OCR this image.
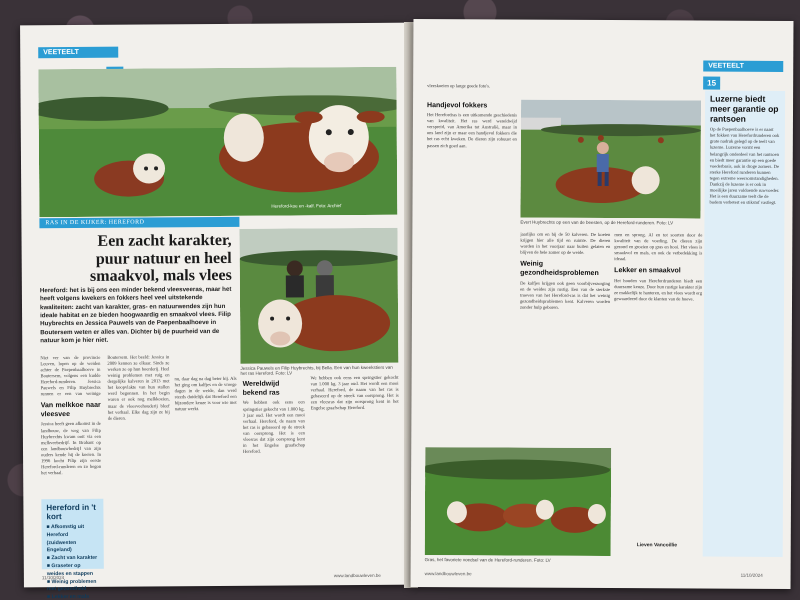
VEETEELT
Hereford-koe en -kalf. Foto: Archief
RAS IN DE KIJKER: HEREFORD
Een zacht karakter, puur natuur en heel smaakvol, mals vlees
Hereford: het is bij ons een minder bekend vleesveeras, maar het heeft volgens kwekers en fokkers heel veel uitstekende kwaliteiten: zacht van karakter, gras- en natuurwendes zijn hun ideale habitat en ze bieden hoogwaardig en smaakvol vlees. Filip Huybrechts en Jessica Pauwels van de Paepenbaalhoeve in Boutersem weten er alles van. Dichter bij de puurheid van de natuur kom je hier niet.
Jessica Pauwels en Filip Huybrechts, bij Bella. Een van hun kweekstiers van het ras Hereford. Foto: LV
Niet ver van de provincie Leuven, lopen op de weiden achter de Paepenbaalhoeve in Boutersem, volgens een kudde Hereford-runderen. Jessica Pauwels en Filip Huybrechts runnen er een van weinige
Van melkkoe naar vleesvee
Jessica heeft geen afkomst in de landbouw, de weg van Filip Huybrechts kwam ooit via een melkveebedrijf. In Brabant op een landbouwbedrijf van zijn ouders kende hij de koeien. In 1996 kocht Filip zijn eerste Hereford-runderen en zo begon het verhaal.
Hereford in 't kort
■ Afkomstig uit Hereford (zuidwesten Engeland)
■ Zacht van karakter
■ Graseter op weides en stappen
■ Weinig problemen met gezondheid
■ Lekker en mals
Boutersem. Het beeld: Jessica in 2009 kennen ze elkaar. Sinds ze werken ze op hun boerderij. Heel weinig problemen met ruig en dergelijke kalveren in 2013 met het koopvlakte van hun stallen werd begonnen. In het begin waren er ook nog melkkoeien, maar de vleesveehouderij bleef het verhaal. Elke dag zijn ze bij de dieren.
nu, daar dag na dag beter bij. Als het ging om kalfjes en de vroege dagen in de weide, dan werd steeds duidelijk dat Hereford een bijzondere keuze is voor wie met natuur werkt.
Wereldwijd bekend ras
We hebben ook eens een springstier gekocht van 1.000 kg. 3 jaar oud. Het wordt een mooi verhaal. Hereford, de naam van het ras is gebaseerd op de streek van oorsprong. Het is een vleesras dat zijn oorsprong kent in het Engelse graafschap Hereford.
We hebben ook eens een springstier gekocht van 1.000 kg. 3 jaar oud. Het wordt een mooi verhaal. Hereford, de naam van het ras is gebaseerd op de streek van oorsprong. Het is een vleesras dat zijn oorsprong kent in het Engelse graafschap Hereford.
11/10/2024	www.landbouwleven.be
VEETEELT
15
vleeskoeien op lange goede foto's.
Handjevol fokkers
Het Herefordras is een uitkomende geschiedenis van kwaliteit. Het ras werd wereldwijd verspreid, van Amerika tot Australië, maar in ons land zijn er maar een handjevol fokkers die het ras echt kweken. De dieren zijn robuust en passen zich goed aan.
Evert Huybrechts op een van de beesten, op de Hereford-runderen. Foto: LV
jaarlijks om en bij de 50 kalveren. De koeien krijgen hier alle tijd en ruimte. De dieren worden in het voorjaar naar buiten gelaten en blijven de hele zomer op de weide.
Weinig gezondheidsproblemen
De kalfjes krijgen ook geen voorbijverzorging en de weides zijn rustig. Een van de sterkste troeven van het Hereford-ras is dat het weinig gezondheidsproblemen kent. Kalveren worden zonder hulp geboren.
men en sprong. Al en tot soorten door de kwaliteit van de voeding. De dieren zijn gezond en groeien op gras en hooi. Het vlees is smaakvol en mals, en ook de vetbedekking is ideaal.
Lekker en smaakvol
Het houden van Herefordrunderen biedt een duurzame keuze. Door hun rustige karakter zijn ze makkelijk te hanteren, en het vlees wordt erg gewaardeerd door de klanten van de hoeve.
Gras, het favoriete voedsel van de Hereford-runderen. Foto: LV
Lieven Vancoillie
Luzerne biedt meer garantie op rantsoen
Op de Paepenbaalhoeve is er naast het fokken van Herefordrunderen ook grote nadruk gelegd op de teelt van luzerne. Luzerne vormt een belangrijk onderdeel van het rantsoen en biedt meer garantie op een goede voederbasis, ook in droge zomers. De sterke Hereford runderen kunnen tegen extreme weersomstandigheden. Dankzij de luzerne is er ook in moeilijke jaren voldoende ruwvoeder. Het is een duurzame teelt die de bodem verbetert en stikstof vastlegt.
www.landbouwleven.be	11/10/2024
